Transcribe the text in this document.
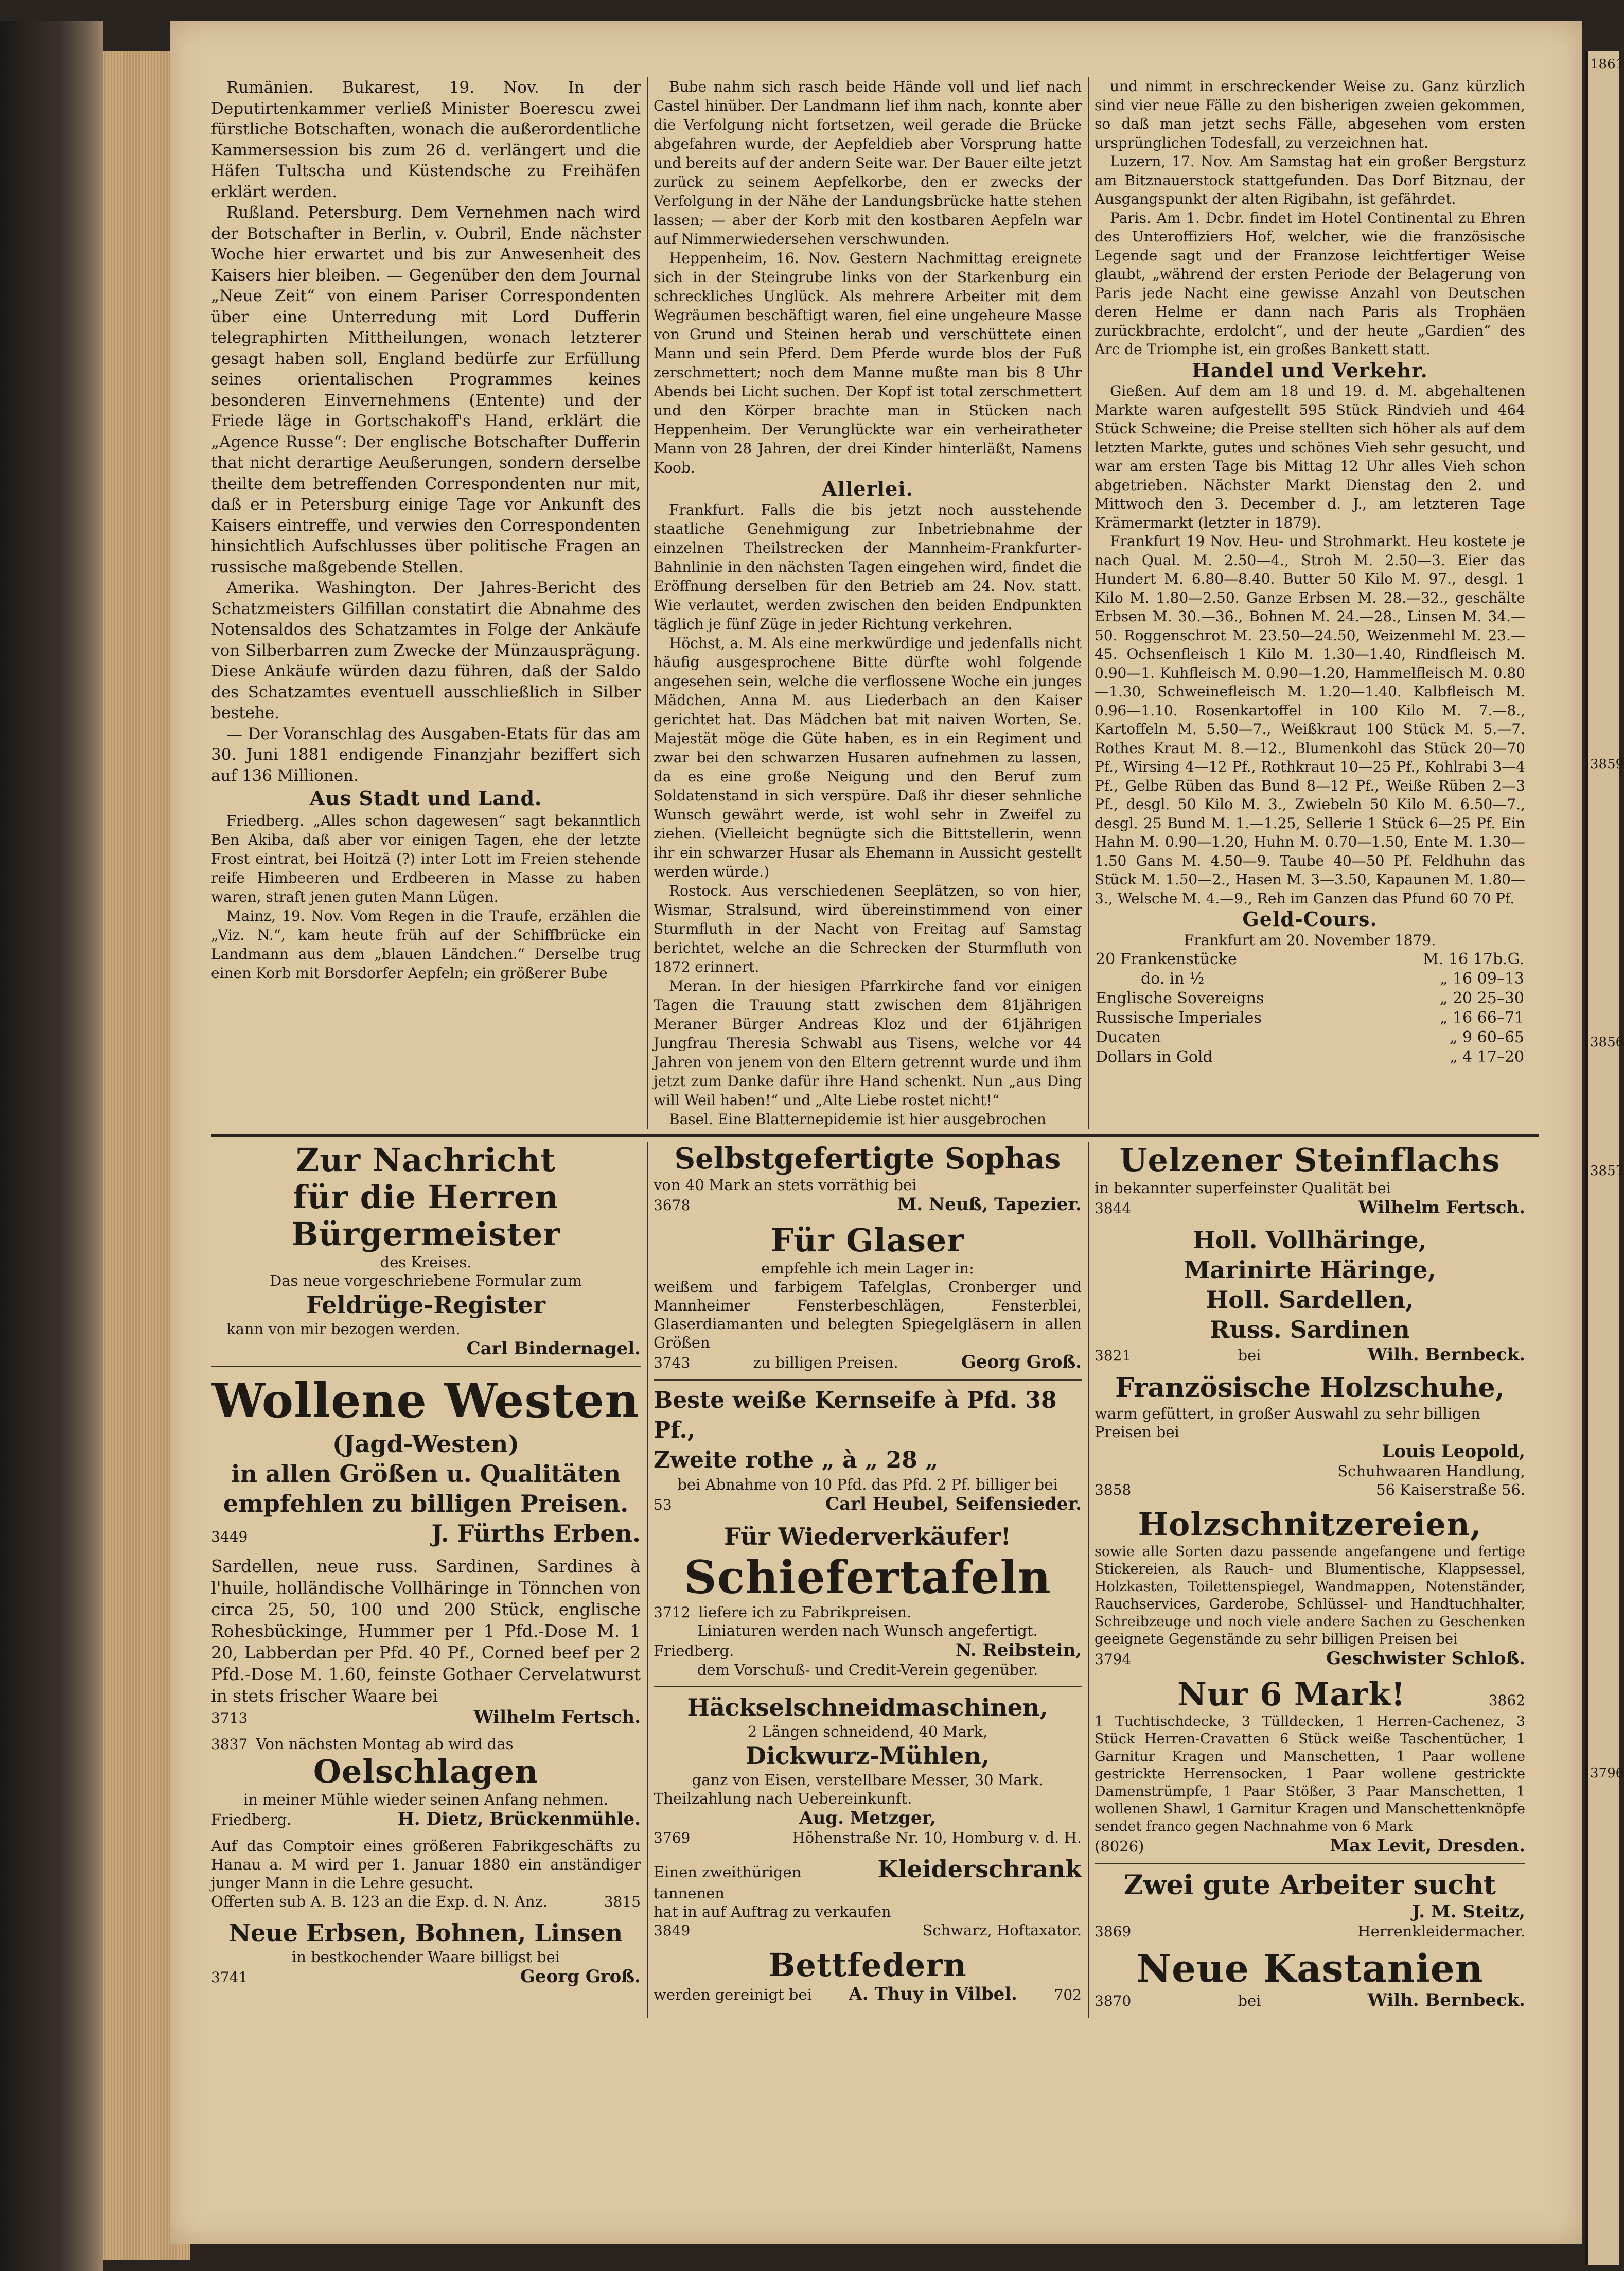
1861
3859
3856
3857
3796

Rumänien. Bukarest, 19. Nov. In der Deputirtenkammer verließ Minister Boerescu zwei fürstliche Botschaften, wonach die außerordentliche Kammersession bis zum 26 d. verlängert und die Häfen Tultscha und Küstendsche zu Freihäfen erklärt werden.

Rußland. Petersburg. Dem Vernehmen nach wird der Botschafter in Berlin, v. Oubril, Ende nächster Woche hier erwartet und bis zur Anwesenheit des Kaisers hier bleiben. — Gegenüber den dem Journal „Neue Zeit“ von einem Pariser Correspondenten über eine Unterredung mit Lord Dufferin telegraphirten Mittheilungen, wonach letzterer gesagt haben soll, England bedürfe zur Erfüllung seines orientalischen Programmes keines besonderen Einvernehmens (Entente) und der Friede läge in Gortschakoff's Hand, erklärt die „Agence Russe“: Der englische Botschafter Dufferin that nicht derartige Aeußerungen, sondern derselbe theilte dem betreffenden Correspondenten nur mit, daß er in Petersburg einige Tage vor Ankunft des Kaisers eintreffe, und verwies den Correspondenten hinsichtlich Aufschlusses über politische Fragen an russische maßgebende Stellen.

Amerika. Washington. Der Jahres-Bericht des Schatzmeisters Gilfillan constatirt die Abnahme des Notensaldos des Schatzamtes in Folge der Ankäufe von Silberbarren zum Zwecke der Münzausprägung. Diese Ankäufe würden dazu führen, daß der Saldo des Schatzamtes eventuell ausschließlich in Silber bestehe.

— Der Voranschlag des Ausgaben-Etats für das am 30. Juni 1881 endigende Finanzjahr beziffert sich auf 136 Millionen.

Aus Stadt und Land.

Friedberg. „Alles schon dagewesen“ sagt bekanntlich Ben Akiba, daß aber vor einigen Tagen, ehe der letzte Frost eintrat, bei Hoitzä (?) inter Lott im Freien stehende reife Himbeeren und Erdbeeren in Masse zu haben waren, straft jenen guten Mann Lügen.

Mainz, 19. Nov. Vom Regen in die Traufe, erzählen die „Viz. N.“, kam heute früh auf der Schiffbrücke ein Landmann aus dem „blauen Ländchen.“ Derselbe trug einen Korb mit Borsdorfer Aepfeln; ein größerer Bube

Bube nahm sich rasch beide Hände voll und lief nach Castel hinüber. Der Landmann lief ihm nach, konnte aber die Verfolgung nicht fortsetzen, weil gerade die Brücke abgefahren wurde, der Aepfeldieb aber Vorsprung hatte und bereits auf der andern Seite war. Der Bauer eilte jetzt zurück zu seinem Aepfelkorbe, den er zwecks der Verfolgung in der Nähe der Landungsbrücke hatte stehen lassen; — aber der Korb mit den kostbaren Aepfeln war auf Nimmerwiedersehen verschwunden.

Heppenheim, 16. Nov. Gestern Nachmittag ereignete sich in der Steingrube links von der Starkenburg ein schreckliches Unglück. Als mehrere Arbeiter mit dem Wegräumen beschäftigt waren, fiel eine ungeheure Masse von Grund und Steinen herab und verschüttete einen Mann und sein Pferd. Dem Pferde wurde blos der Fuß zerschmettert; noch dem Manne mußte man bis 8 Uhr Abends bei Licht suchen. Der Kopf ist total zerschmettert und den Körper brachte man in Stücken nach Heppenheim. Der Verunglückte war ein verheiratheter Mann von 28 Jahren, der drei Kinder hinterläßt, Namens Koob.

Allerlei.

Frankfurt. Falls die bis jetzt noch ausstehende staatliche Genehmigung zur Inbetriebnahme der einzelnen Theilstrecken der Mannheim-Frankfurter-Bahnlinie in den nächsten Tagen eingehen wird, findet die Eröffnung derselben für den Betrieb am 24. Nov. statt. Wie verlautet, werden zwischen den beiden Endpunkten täglich je fünf Züge in jeder Richtung verkehren.

Höchst, a. M. Als eine merkwürdige und jedenfalls nicht häufig ausgesprochene Bitte dürfte wohl folgende angesehen sein, welche die verflossene Woche ein junges Mädchen, Anna M. aus Liederbach an den Kaiser gerichtet hat. Das Mädchen bat mit naiven Worten, Se. Majestät möge die Güte haben, es in ein Regiment und zwar bei den schwarzen Husaren aufnehmen zu lassen, da es eine große Neigung und den Beruf zum Soldatenstand in sich verspüre. Daß ihr dieser sehnliche Wunsch gewährt werde, ist wohl sehr in Zweifel zu ziehen. (Vielleicht begnügte sich die Bittstellerin, wenn ihr ein schwarzer Husar als Ehemann in Aussicht gestellt werden würde.)

Rostock. Aus verschiedenen Seeplätzen, so von hier, Wismar, Stralsund, wird übereinstimmend von einer Sturmfluth in der Nacht von Freitag auf Samstag berichtet, welche an die Schrecken der Sturmfluth von 1872 erinnert.

Meran. In der hiesigen Pfarrkirche fand vor einigen Tagen die Trauung statt zwischen dem 81jährigen Meraner Bürger Andreas Kloz und der 61jährigen Jungfrau Theresia Schwabl aus Tisens, welche vor 44 Jahren von jenem von den Eltern getrennt wurde und ihm jetzt zum Danke dafür ihre Hand schenkt. Nun „aus Ding will Weil haben!“ und „Alte Liebe rostet nicht!“

Basel. Eine Blatternepidemie ist hier ausgebrochen

und nimmt in erschreckender Weise zu. Ganz kürzlich sind vier neue Fälle zu den bisherigen zweien gekommen, so daß man jetzt sechs Fälle, abgesehen vom ersten ursprünglichen Todesfall, zu verzeichnen hat.

Luzern, 17. Nov. Am Samstag hat ein großer Bergsturz am Bitznauerstock stattgefunden. Das Dorf Bitznau, der Ausgangspunkt der alten Rigibahn, ist gefährdet.

Paris. Am 1. Dcbr. findet im Hotel Continental zu Ehren des Unteroffiziers Hof, welcher, wie die französische Legende sagt und der Franzose leichtfertiger Weise glaubt, „während der ersten Periode der Belagerung von Paris jede Nacht eine gewisse Anzahl von Deutschen deren Helme er dann nach Paris als Trophäen zurückbrachte, erdolcht“, und der heute „Gardien“ des Arc de Triomphe ist, ein großes Bankett statt.

Handel und Verkehr.

Gießen. Auf dem am 18 und 19. d. M. abgehaltenen Markte waren aufgestellt 595 Stück Rindvieh und 464 Stück Schweine; die Preise stellten sich höher als auf dem letzten Markte, gutes und schönes Vieh sehr gesucht, und war am ersten Tage bis Mittag 12 Uhr alles Vieh schon abgetrieben. Nächster Markt Dienstag den 2. und Mittwoch den 3. December d. J., am letzteren Tage Krämermarkt (letzter in 1879).

Frankfurt 19 Nov. Heu- und Strohmarkt. Heu kostete je nach Qual. M. 2.50—4., Stroh M. 2.50—3. Eier das Hundert M. 6.80—8.40. Butter 50 Kilo M. 97., desgl. 1 Kilo M. 1.80—2.50. Ganze Erbsen M. 28.—32., geschälte Erbsen M. 30.—36., Bohnen M. 24.—28., Linsen M. 34.—50. Roggenschrot M. 23.50—24.50, Weizenmehl M. 23.—45. Ochsenfleisch 1 Kilo M. 1.30—1.40, Rindfleisch M. 0.90—1. Kuhfleisch M. 0.90—1.20, Hammelfleisch M. 0.80—1.30, Schweinefleisch M. 1.20—1.40. Kalbfleisch M. 0.96—1.10. Rosenkartoffel in 100 Kilo M. 7.—8., Kartoffeln M. 5.50—7., Weißkraut 100 Stück M. 5.—7. Rothes Kraut M. 8.—12., Blumenkohl das Stück 20—70 Pf., Wirsing 4—12 Pf., Rothkraut 10—25 Pf., Kohlrabi 3—4 Pf., Gelbe Rüben das Bund 8—12 Pf., Weiße Rüben 2—3 Pf., desgl. 50 Kilo M. 3., Zwiebeln 50 Kilo M. 6.50—7., desgl. 25 Bund M. 1.—1.25, Sellerie 1 Stück 6—25 Pf. Ein Hahn M. 0.90—1.20, Huhn M. 0.70—1.50, Ente M. 1.30—1.50 Gans M. 4.50—9. Taube 40—50 Pf. Feldhuhn das Stück M. 1.50—2., Hasen M. 3—3.50, Kapaunen M. 1.80—3., Welsche M. 4.—9., Reh im Ganzen das Pfund 60 70 Pf.

Geld-Cours.
Frankfurt am 20. November 1879.
20 Frankenstücke	M. 16 17b.G.
do. in ½	„ 16 09–13
Englische Sovereigns	„ 20 25–30
Russische Imperiales	„ 16 66–71
Ducaten	„ 9 60–65
Dollars in Gold	„ 4 17–20
Zur Nachricht
für die Herren Bürgermeister
des Kreises.
Das neue vorgeschriebene Formular zum
Feldrüge-Register
kann von mir bezogen werden.
Carl Bindernagel.
Wollene Westen
(Jagd-Westen)
in allen Größen u. Qualitäten
empfehlen zu billigen Preisen.
3449	J. Fürths Erben.
Sardellen, neue russ. Sardinen, Sardines à l'huile, holländische Vollhäringe in Tönnchen von circa 25, 50, 100 und 200 Stück, englische Rohesbückinge, Hummer per 1 Pfd.-Dose M. 1 20, Labberdan per Pfd. 40 Pf., Corned beef per 2 Pfd.-Dose M. 1.60, feinste Gothaer Cervelatwurst in stets frischer Waare bei
3713	Wilhelm Fertsch.
3837 Von nächsten Montag ab wird das
Oelschlagen
in meiner Mühle wieder seinen Anfang nehmen.
Friedberg.	H. Dietz, Brückenmühle.
Auf das Comptoir eines größeren Fabrikgeschäfts zu Hanau a. M wird per 1. Januar 1880 ein anständiger junger Mann in die Lehre gesucht.
Offerten sub A. B. 123 an die Exp. d. N. Anz.	3815
Neue Erbsen, Bohnen, Linsen
in bestkochender Waare billigst bei
3741	Georg Groß.
Selbstgefertigte Sophas
von 40 Mark an stets vorräthig bei
3678	M. Neuß, Tapezier.
Für Glaser
empfehle ich mein Lager in:
weißem und farbigem Tafelglas, Cronberger und Mannheimer Fensterbeschlägen, Fensterblei, Glaserdiamanten und belegten Spiegelgläsern in allen Größen
3743	zu billigen Preisen.	Georg Groß.
Beste weiße Kernseife à Pfd. 38 Pf.,
Zweite rothe „ à „ 28 „
bei Abnahme von 10 Pfd. das Pfd. 2 Pf. billiger bei
53	Carl Heubel, Seifensieder.
Für Wiederverkäufer!
Schiefertafeln
3712 liefere ich zu Fabrikpreisen.
Liniaturen werden nach Wunsch angefertigt.
Friedberg.	N. Reibstein,
dem Vorschuß- und Credit-Verein gegenüber.
Häckselschneidmaschinen,
2 Längen schneidend, 40 Mark,
Dickwurz-Mühlen,
ganz von Eisen, verstellbare Messer, 30 Mark.
Theilzahlung nach Uebereinkunft.
Aug. Metzger,
3769	Höhenstraße Nr. 10, Homburg v. d. H.
Einen zweithürigen	Kleiderschrank
tannenen
hat in auf Auftrag zu verkaufen
3849	Schwarz, Hoftaxator.
Bettfedern
werden gereinigt bei A. Thuy in Vilbel.	702
Uelzener Steinflachs
in bekannter superfeinster Qualität bei
3844	Wilhelm Fertsch.
Holl. Vollhäringe,
Marinirte Häringe,
Holl. Sardellen,
Russ. Sardinen
3821	bei	Wilh. Bernbeck.
Französische Holzschuhe,
warm gefüttert, in großer Auswahl zu sehr billigen Preisen bei
Louis Leopold,
Schuhwaaren Handlung,
3858	56 Kaiserstraße 56.
Holzschnitzereien,
sowie alle Sorten dazu passende angefangene und fertige Stickereien, als Rauch- und Blumentische, Klappsessel, Holzkasten, Toilettenspiegel, Wandmappen, Notenständer, Rauchservices, Garderobe, Schlüssel- und Handtuchhalter, Schreibzeuge und noch viele andere Sachen zu Geschenken geeignete Gegenstände zu sehr billigen Preisen bei
3794	Geschwister Schloß.
Nur 6 Mark!	3862
1 Tuchtischdecke, 3 Tülldecken, 1 Herren-Cachenez, 3 Stück Herren-Cravatten 6 Stück weiße Taschentücher, 1 Garnitur Kragen und Manschetten, 1 Paar wollene gestrickte Herrensocken, 1 Paar wollene gestrickte Damenstrümpfe, 1 Paar Stößer, 3 Paar Manschetten, 1 wollenen Shawl, 1 Garnitur Kragen und Manschettenknöpfe sendet franco gegen Nachnahme von 6 Mark
(8026)	Max Levit, Dresden.
Zwei gute Arbeiter sucht
J. M. Steitz,
3869	Herrenkleidermacher.
Neue Kastanien
3870	bei	Wilh. Bernbeck.
